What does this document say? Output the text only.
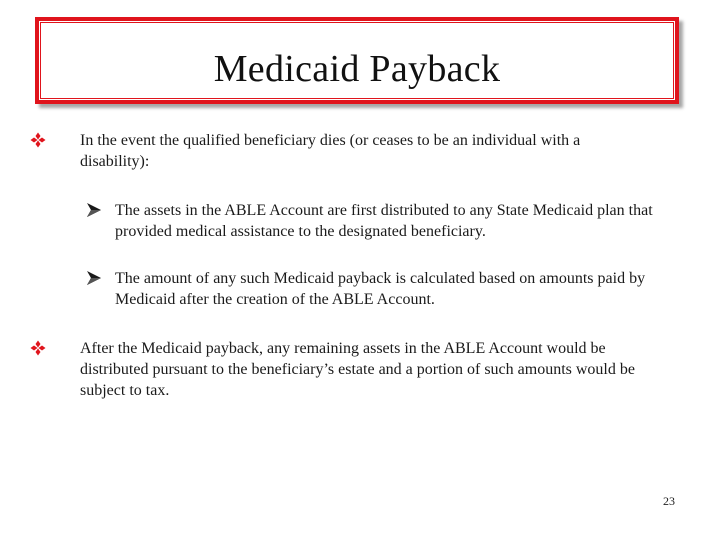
Medicaid Payback
In the event the qualified beneficiary dies (or ceases to be an individual with a disability):
The assets in the ABLE Account are first distributed to any State Medicaid plan that provided medical assistance to the designated beneficiary.
The amount of any such Medicaid payback is calculated based on amounts paid by Medicaid after the creation of the ABLE Account.
After the Medicaid payback, any remaining assets in the ABLE Account would be distributed pursuant to the beneficiary’s estate and a portion of such amounts would be subject to tax.
23
